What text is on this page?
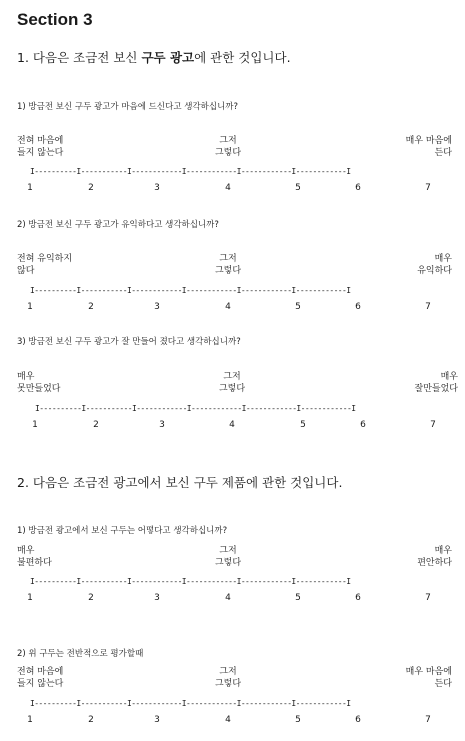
Section 3
1. 다음은 조금전 보신 구두 광고에 관한 것입니다.
2. 다음은 조금전 광고에서 보신 구두 제품에 관한 것입니다.
1) 방금전 보신 구두 광고가 마음에 드신다고 생각하십니까?
전혀 마음에
들지 않는다
그저
그렇다
매우 마음에
든다
I----------I-----------I------------I------------I------------I------------I
1	2	3	4	5	6	7
2) 방금전 보신 구두 광고가 유익하다고 생각하십니까?
전혀 유익하지
않다
그저
그렇다
매우
유익하다
I----------I-----------I------------I------------I------------I------------I
1	2	3	4	5	6	7
3) 방금전 보신 구두 광고가 잘 만들어 졌다고 생각하십니까?
매우
못만들었다
그저
그렇다
매우
잘만들었다
I----------I-----------I------------I------------I------------I------------I
1	2	3	4	5	6	7
1) 방금전 광고에서 보신 구두는 어떻다고 생각하십니까?
매우
불편하다
그저
그렇다
매우
편안하다
I----------I-----------I------------I------------I------------I------------I
1	2	3	4	5	6	7
2) 위 구두는 전반적으로 평가할때
전혀 마음에
들지 않는다
그저
그렇다
매우 마음에
든다
I----------I-----------I------------I------------I------------I------------I
1	2	3	4	5	6	7
